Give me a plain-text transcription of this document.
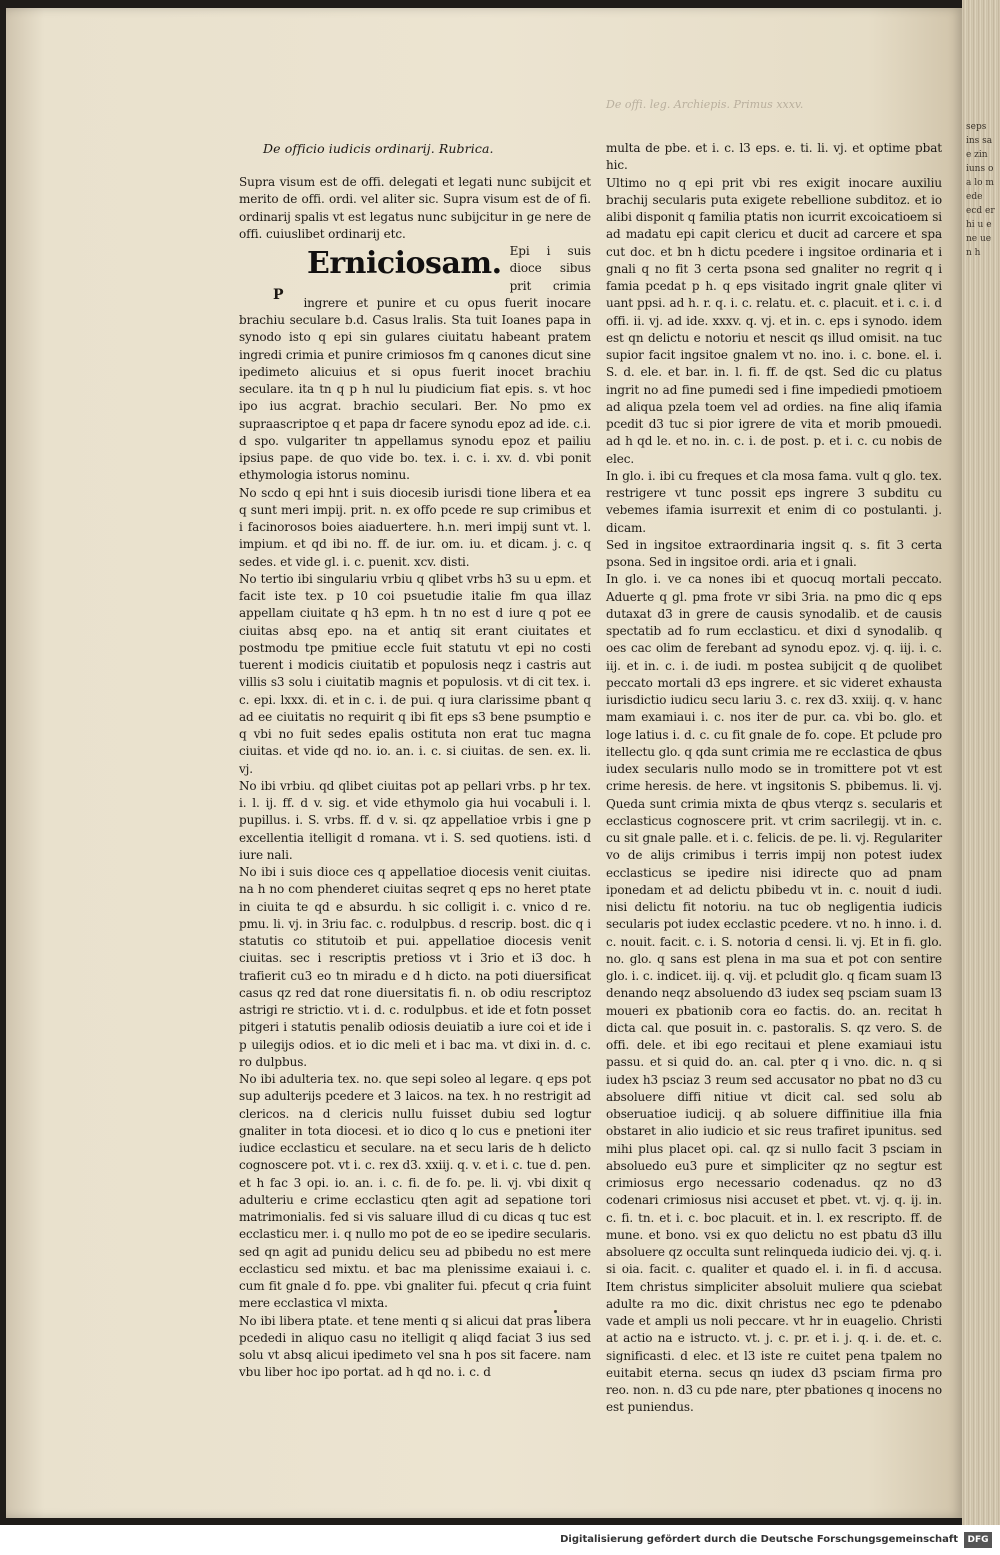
De offi. leg. Archiepis. Primus xxxv.
De officio iudicis ordinarij. Rubrica.

Supra visum est de offi. delegati et legati nunc subijcit et merito de offi. ordi. vel aliter sic. Supra visum est de of fi. ordinarij spalis vt est legatus nunc subijcitur in ge nere de offi. cuiuslibet ordinarij etc.

Erniciosam.
P

Epi i suis dioce sibus prit crimia ingrere et punire et cu opus fuerit inocare brachiu seculare b.d. Casus lralis. Sta tuit Ioanes papa in synodo isto q epi sin gulares ciuitatu habeant pratem ingredi crimia et punire crimiosos fm q canones dicut sine ipedimeto alicuius et si opus fuerit inocet brachiu seculare. ita tn q p h nul lu piudicium fiat epis. s. vt hoc ipo ius acgrat. brachio seculari. Ber. No pmo ex supraascriptoe q et papa dr facere synodu epoz ad ide. c.i. d spo. vulgariter tn appellamus synodu epoz et pailiu ipsius pape. de quo vide bo. tex. i. c. i. xv. d. vbi ponit ethymologia istorus nominu.

No scdo q epi hnt i suis diocesib iurisdi tione libera et ea q sunt meri impij. prit. n. ex offo pcede re sup crimibus et i facinorosos boies aiaduertere. h.n. meri impij sunt vt. l. impium. et qd ibi no. ff. de iur. om. iu. et dicam. j. c. q sedes. et vide gl. i. c. puenit. xcv. disti.

No tertio ibi singulariu vrbiu q qlibet vrbs h3 su u epm. et facit iste tex. p 10 coi psuetudie italie fm qua illaz appellam ciuitate q h3 epm. h tn no est d iure q pot ee ciuitas absq epo. na et antiq sit erant ciuitates et postmodu tpe pmitiue eccle fuit statutu vt epi no costi tuerent i modicis ciuitatib et populosis neqz i castris aut villis s3 solu i ciuitatib magnis et populosis. vt di cit tex. i. c. epi. lxxx. di. et in c. i. de pui. q iura clarissime pbant q ad ee ciuitatis no requirit q ibi fit eps s3 bene psumptio e q vbi no fuit sedes epalis ostituta non erat tuc magna ciuitas. et vide qd no. io. an. i. c. si ciuitas. de sen. ex. li. vj.

No ibi vrbiu. qd qlibet ciuitas pot ap pellari vrbs. p hr tex. i. l. ij. ff. d v. sig. et vide ethymolo gia hui vocabuli i. l. pupillus. i. S. vrbs. ff. d v. si. qz appellatioe vrbis i gne p excellentia itelligit d romana. vt i. S. sed quotiens. isti. d iure nali.

No ibi i suis dioce ces q appellatioe diocesis venit ciuitas. na h no com phenderet ciuitas seqret q eps no heret ptate in ciuita te qd e absurdu. h sic colligit i. c. vnico d re. pmu. li. vj. in 3riu fac. c. rodulpbus. d rescrip. bost. dic q i statutis co stitutoib et pui. appellatioe diocesis venit ciuitas. sec i rescriptis pretioss vt i 3rio et i3 doc. h trafierit cu3 eo tn miradu e d h dicto. na poti diuersificat casus qz red dat rone diuersitatis fi. n. ob odiu rescriptoz astrigi re strictio. vt i. d. c. rodulpbus. et ide et fotn posset pitgeri i statutis penalib odiosis deuiatib a iure coi et ide i p uilegijs odios. et io dic meli et i bac ma. vt dixi in. d. c. ro dulpbus.

No ibi adulteria tex. no. que sepi soleo al legare. q eps pot sup adulterijs pcedere et 3 laicos. na tex. h no restrigit ad clericos. na d clericis nullu fuisset dubiu sed logtur gnaliter in tota diocesi. et io dico q lo cus e pnetioni iter iudice ecclasticu et seculare. na et secu laris de h delicto cognoscere pot. vt i. c. rex d3. xxiij. q. v. et i. c. tue d. pen. et h fac 3 opi. io. an. i. c. fi. de fo. pe. li. vj. vbi dixit q adulteriu e crime ecclasticu qten agit ad sepatione tori matrimonialis. fed si vis saluare illud di cu dicas q tuc est ecclasticu mer. i. q nullo mo pot de eo se ipedire secularis. sed qn agit ad punidu delicu seu ad pbibedu no est mere ecclasticu sed mixtu. et bac ma plenissime exaiaui i. c. cum fit gnale d fo. ppe. vbi gnaliter fui. pfecut q cria fuint mere ecclastica vl mixta.

No ibi libera ptate. et tene menti q si alicui dat pras libera pcededi in aliquo casu no itelligit q aliqd faciat 3 ius sed solu vt absq alicui ipedimeto vel sna h pos sit facere. nam vbu liber hoc ipo portat. ad h qd no. i. c. d

multa de pbe. et i. c. l3 eps. e. ti. li. vj. et optime pbat hic.

Ultimo no q epi prit vbi res exigit inocare auxiliu brachij secularis puta exigete rebellione subditoz. et io alibi disponit q familia ptatis non icurrit excoicatioem si ad madatu epi capit clericu et ducit ad carcere et spa cut doc. et bn h dictu pcedere i ingsitoe ordinaria et i gnali q no fit 3 certa psona sed gnaliter no regrit q i famia pcedat p h. q eps visitado ingrit gnale qliter vi uant ppsi. ad h. r. q. i. c. relatu. et. c. placuit. et i. c. i. d offi. ii. vj. ad ide. xxxv. q. vj. et in. c. eps i synodo. idem est qn delictu e notoriu et nescit qs illud omisit. na tuc supior facit ingsitoe gnalem vt no. ino. i. c. bone. el. i. S. d. ele. et bar. in. l. fi. ff. de qst. Sed dic cu platus ingrit no ad fine pumedi sed i fine impediedi pmotioem ad aliqua pzela toem vel ad ordies. na fine aliq ifamia pcedit d3 tuc si pior igrere de vita et morib pmouedi. ad h qd le. et no. in. c. i. de post. p. et i. c. cu nobis de elec.

In glo. i. ibi cu freques et cla mosa fama. vult q glo. tex. restrigere vt tunc possit eps ingrere 3 subditu cu vebemes ifamia isurrexit et enim di co postulanti. j. dicam.

Sed in ingsitoe extraordinaria ingsit q. s. fit 3 certa psona. Sed in ingsitoe ordi. aria et i gnali.

In glo. i. ve ca nones ibi et quocuq mortali peccato. Aduerte q gl. pma frote vr sibi 3ria. na pmo dic q eps dutaxat d3 in grere de causis synodalib. et de causis spectatib ad fo rum ecclasticu. et dixi d synodalib. q oes cac olim de ferebant ad synodu epoz. vj. q. iij. i. c. iij. et in. c. i. de iudi. m postea subijcit q de quolibet peccato mortali d3 eps ingrere. et sic videret exhausta iurisdictio iudicu secu lariu 3. c. rex d3. xxiij. q. v. hanc mam examiaui i. c. nos iter de pur. ca. vbi bo. glo. et loge latius i. d. c. cu fit gnale de fo. cope. Et pclude pro itellectu glo. q qda sunt crimia me re ecclastica de qbus iudex secularis nullo modo se in tromittere pot vt est crime heresis. de here. vt ingsitonis S. pbibemus. li. vj. Queda sunt crimia mixta de qbus vterqz s. secularis et ecclasticus cognoscere prit. vt crim sacrilegij. vt in. c. cu sit gnale palle. et i. c. felicis. de pe. li. vj. Regulariter vo de alijs crimibus i terris impij non potest iudex ecclasticus se ipedire nisi idirecte quo ad pnam iponedam et ad delictu pbibedu vt in. c. nouit d iudi. nisi delictu fit notoriu. na tuc ob negligentia iudicis secularis pot iudex ecclastic pcedere. vt no. h inno. i. d. c. nouit. facit. c. i. S. notoria d censi. li. vj. Et in fi. glo. no. glo. q sans est plena in ma sua et pot con sentire glo. i. c. indicet. iij. q. vij. et pcludit glo. q ficam suam l3 denando neqz absoluendo d3 iudex seq psciam suam l3 moueri ex pbationib cora eo factis. do. an. recitat h dicta cal. que posuit in. c. pastoralis. S. qz vero. S. de offi. dele. et ibi ego recitaui et plene examiaui istu passu. et si quid do. an. cal. pter q i vno. dic. n. q si iudex h3 psciaz 3 reum sed accusator no pbat no d3 cu absoluere diffi nitiue vt dicit cal. sed solu ab obseruatioe iudicij. q ab soluere diffinitiue illa fnia obstaret in alio iudicio et sic reus trafiret ipunitus. sed mihi plus placet opi. cal. qz si nullo facit 3 psciam in absoluedo eu3 pure et simpliciter qz no segtur est crimiosus ergo necessario codenadus. qz no d3 codenari crimiosus nisi accuset et pbet. vt. vj. q. ij. in. c. fi. tn. et i. c. boc placuit. et in. l. ex rescripto. ff. de mune. et bono. vsi ex quo delictu no est pbatu d3 illu absoluere qz occulta sunt relinqueda iudicio dei. vj. q. i. si oia. facit. c. qualiter et quado el. i. in fi. d accusa. Item christus simpliciter absoluit muliere qua sciebat adulte ra mo dic. dixit christus nec ego te pdenabo vade et ampli us noli peccare. vt hr in euagelio. Christi at actio na e istructo. vt. j. c. pr. et i. j. q. i. de. et. c. significasti. d elec. et l3 iste re cuitet pena tpalem no euitabit eterna. secus qn iudex d3 psciam firma pro reo. non. n. d3 cu pde nare, pter pbationes q inocens no est puniendus.

seps ins sa e zin iuns o a lo m ede ecd er hi u e ne ue n h
Digitalisierung gefördert durch die Deutsche Forschungsgemeinschaft	DFG
